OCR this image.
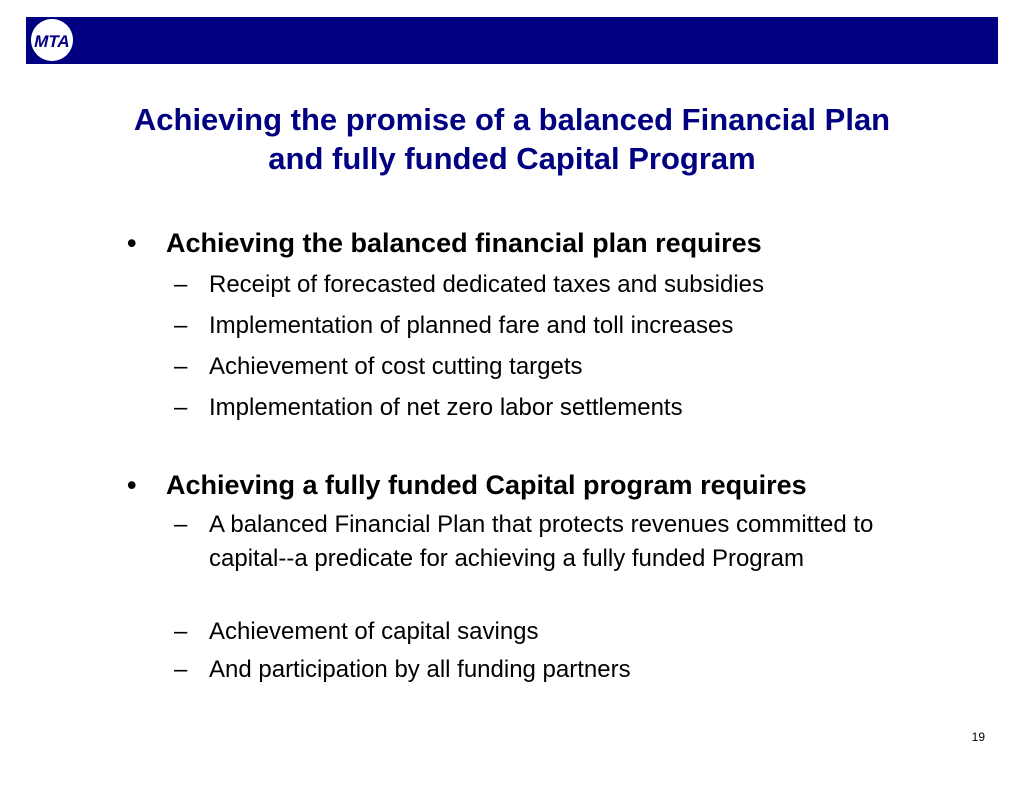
MTA
Achieving the promise of a balanced Financial Plan
and fully funded Capital Program
• Achieving the balanced financial plan requires
– Receipt of forecasted dedicated taxes and subsidies
– Implementation of planned fare and toll increases
– Achievement of cost cutting targets
– Implementation of net zero labor settlements
• Achieving a fully funded Capital program requires
– A balanced Financial Plan that protects revenues committed to capital--a predicate for achieving a fully funded Program
– Achievement of capital savings
– And participation by all funding partners
19
